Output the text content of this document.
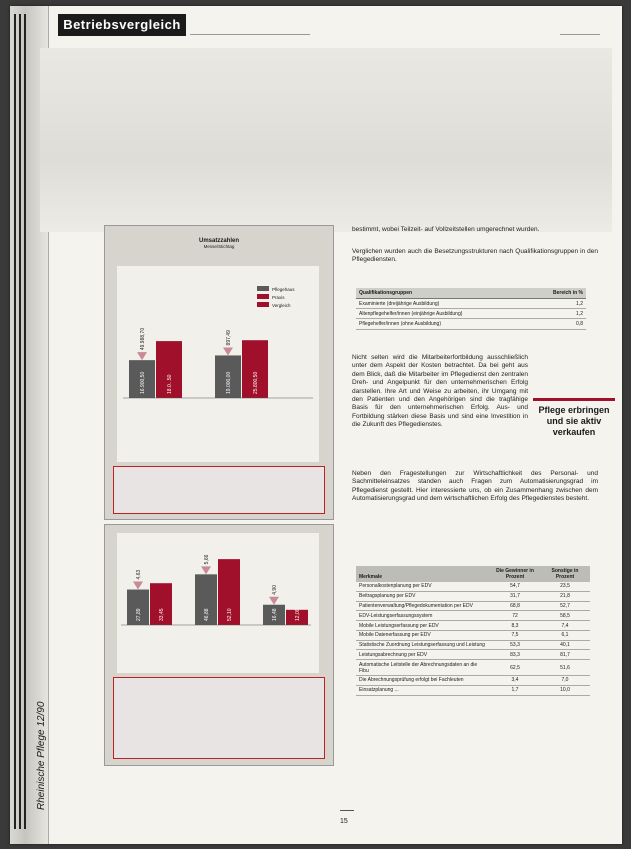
Betriebsvergleich
Rheinische Pflege 12/90
Umsatzzahlen
Messe/Stichtag
16.900,50	18.0...50
49.988,70
19.000,00	25.800,50
897,49
Pflegehaus
Praxis
Vergleich
27,89	33,45
4,63
46,88	52,10
5,66
16,48	12,09
4,90
bestimmt, wobei Teilzeit- auf Vollzeitstellen umgerechnet wurden.
Verglichen wurden auch die Besetzungsstrukturen nach Qualifikationsgruppen in den Pflegediensten.
Qualifikationsgruppen	Bereich in %
Examinierte (dreijährige Ausbildung)	1,2
Altenpflegehelfer/innen (einjährige Ausbildung)	1,2
Pflegehelfer/innen (ohne Ausbildung)	0,8
Nicht selten wird die Mitarbeiterfortbildung ausschließlich unter dem Aspekt der Kosten betrachtet. Da bei geht aus dem Blick, daß die Mitarbeiter im Pflegedienst den zentralen Dreh- und Angelpunkt für den unternehmerischen Erfolg darstellen. Ihre Art und Weise zu arbeiten, ihr Umgang mit den Patienten und den Angehörigen sind die tragfähige Basis für den unternehmerischen Erfolg. Aus- und Fortbildung stärken diese Basis und sind eine Investition in die Zukunft des Pflegedienstes.
Pflege erbringen und sie aktiv verkaufen
Neben den Fragestellungen zur Wirtschaftlichkeit des Personal- und Sachmitteleinsatzes standen auch Fragen zum Automatisierungsgrad im Pflegedienst gestellt. Hier interessierte uns, ob ein Zusammenhang zwischen dem Automatisierungsgrad und dem wirtschaftlichen Erfolg des Pflegedienstes besteht.
Merkmale	Die Gewinner in Prozent	Sonstige in Prozent
Personalkostenplanung per EDV	54,7	23,5
Beitragsplanung per EDV	31,7	21,8
Patientenverwaltung/Pflegedokumentation per EDV	68,8	52,7
EDV-Leistungserfassungssystem	72	58,5
Mobile Leistungserfassung per EDV	8,3	7,4
Mobile Datenerfassung per EDV	7,5	6,1
Statistische Zuordnung Leistungserfassung und Leistung	53,3	40,1
Leistungsabrechnung per EDV	83,3	81,7
Automatische Leitstelle der Abrechnungsdaten an die Fibu	62,5	51,6
Die Abrechnungsprüfung erfolgt bei Fachleuten	3,4	7,0
Einsatzplanung ...	1,7	10,0
15
